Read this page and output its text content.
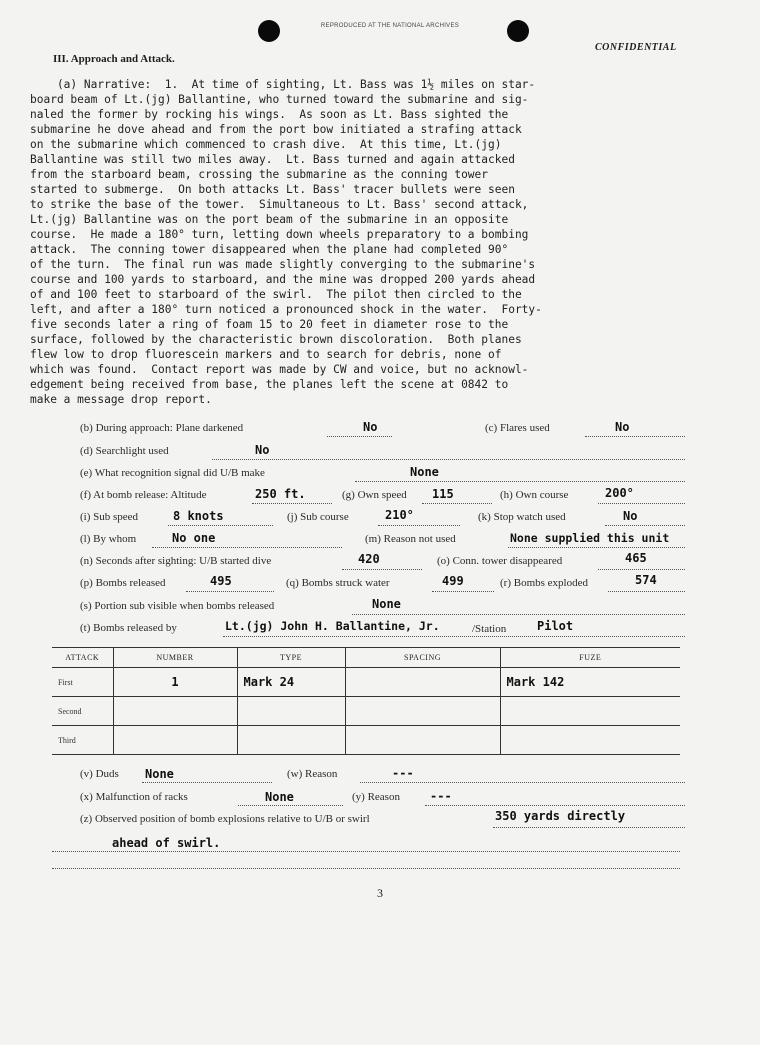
REPRODUCED AT THE NATIONAL ARCHIVES
CONFIDENTIAL
III. Approach and Attack.
(a) Narrative:  1.  At time of sighting, Lt. Bass was 1½ miles on star-
board beam of Lt.(jg) Ballantine, who turned toward the submarine and sig-
naled the former by rocking his wings.  As soon as Lt. Bass sighted the
submarine he dove ahead and from the port bow initiated a strafing attack
on the submarine which commenced to crash dive.  At this time, Lt.(jg)
Ballantine was still two miles away.  Lt. Bass turned and again attacked
from the starboard beam, crossing the submarine as the conning tower
started to submerge.  On both attacks Lt. Bass' tracer bullets were seen
to strike the base of the tower.  Simultaneous to Lt. Bass' second attack,
Lt.(jg) Ballantine was on the port beam of the submarine in an opposite
course.  He made a 180° turn, letting down wheels preparatory to a bombing
attack.  The conning tower disappeared when the plane had completed 90°
of the turn.  The final run was made slightly converging to the submarine's
course and 100 yards to starboard, and the mine was dropped 200 yards ahead
of and 100 feet to starboard of the swirl.  The pilot then circled to the
left, and after a 180° turn noticed a pronounced shock in the water.  Forty-
five seconds later a ring of foam 15 to 20 feet in diameter rose to the
surface, followed by the characteristic brown discoloration.  Both planes
flew low to drop fluorescein markers and to search for debris, none of
which was found.  Contact report was made by CW and voice, but no acknowl-
edgement being received from base, the planes left the scene at 0842 to
make a message drop report.
(b) During approach: Plane darkened	No	(c) Flares used	No
(d) Searchlight used	No
(e) What recognition signal did U/B make	None
(f) At bomb release: Altitude	250 ft.	(g) Own speed 115	(h) Own course	200°
(i) Sub speed	8 knots	(j) Sub course	210°	(k) Stop watch used	No
(l) By whom	No one	(m) Reason not used	None supplied this unit
(n) Seconds after sighting: U/B started dive	420	(o) Conn. tower disappeared	465
(p) Bombs released	495	(q) Bombs struck water	499	(r) Bombs exploded	574
(s) Portion sub visible when bombs released	None
(t) Bombs released by	Lt.(jg) John H. Ballantine, Jr.	/Station	Pilot
ATTACK	NUMBER	TYPE	SPACING	FUZE
First	1	Mark 24		Mark 142
Second				
Third				
(v) Duds None	(w) Reason	---
(x) Malfunction of racks	None	(y) Reason	---
(z) Observed position of bomb explosions relative to U/B or swirl	350 yards directly
ahead of swirl.
3
